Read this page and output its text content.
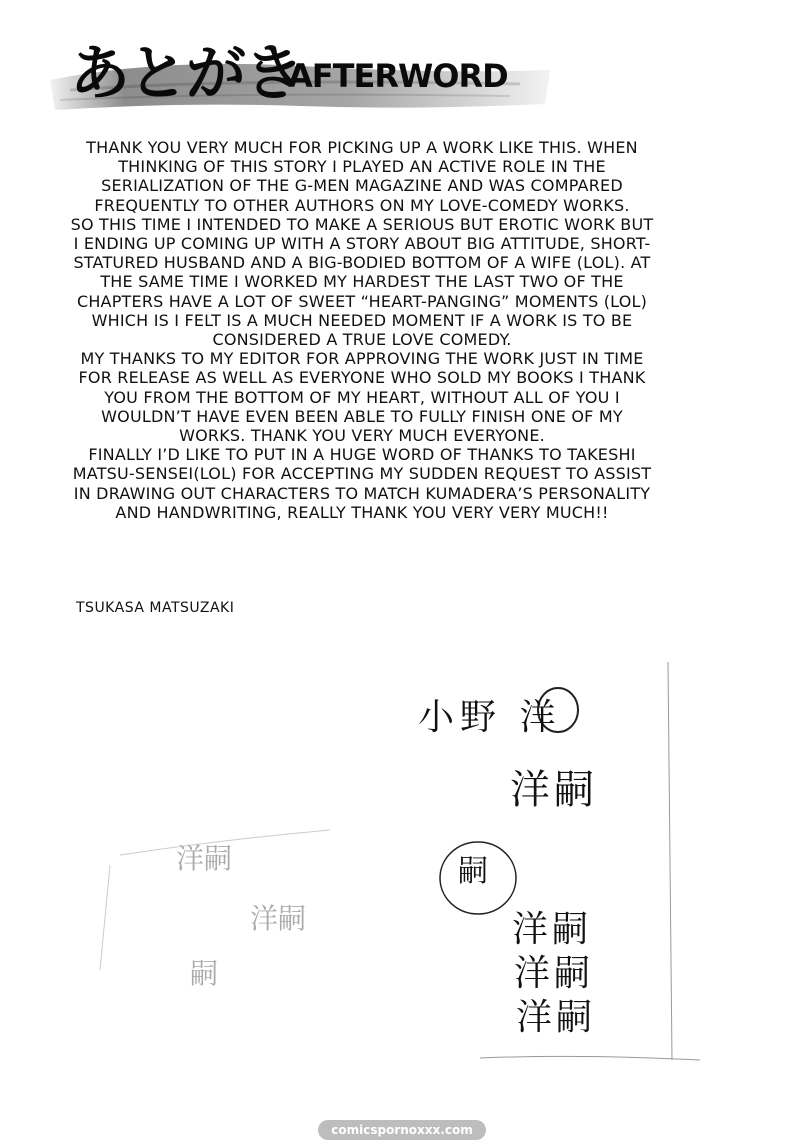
あとがき
AFTERWORD

THANK YOU VERY MUCH FOR PICKING UP A WORK LIKE THIS. WHEN THINKING OF THIS STORY I PLAYED AN ACTIVE ROLE IN THE SERIALIZATION OF THE G-MEN MAGAZINE AND WAS COMPARED FREQUENTLY TO OTHER AUTHORS ON MY LOVE-COMEDY WORKS.

SO THIS TIME I INTENDED TO MAKE A SERIOUS BUT EROTIC WORK BUT I ENDING UP COMING UP WITH A STORY ABOUT BIG ATTITUDE, SHORT-STATURED HUSBAND AND A BIG-BODIED BOTTOM OF A WIFE (LOL). AT THE SAME TIME I WORKED MY HARDEST THE LAST TWO OF THE CHAPTERS HAVE A LOT OF SWEET “HEART-PANGING” MOMENTS (LOL) WHICH IS I FELT IS A MUCH NEEDED MOMENT IF A WORK IS TO BE CONSIDERED A TRUE LOVE COMEDY.

MY THANKS TO MY EDITOR FOR APPROVING THE WORK JUST IN TIME FOR RELEASE AS WELL AS EVERYONE WHO SOLD MY BOOKS I THANK YOU FROM THE BOTTOM OF MY HEART, WITHOUT ALL OF YOU I WOULDN’T HAVE EVEN BEEN ABLE TO FULLY FINISH ONE OF MY WORKS. THANK YOU VERY MUCH EVERYONE.

FINALLY I’D LIKE TO PUT IN A HUGE WORD OF THANKS TO TAKESHI MATSU-SENSEI(LOL) FOR ACCEPTING MY SUDDEN REQUEST TO ASSIST IN DRAWING OUT CHARACTERS TO MATCH KUMADERA’S PERSONALITY AND HANDWRITING, REALLY THANK YOU VERY VERY MUCH!!

TSUKASA MATSUZAKI
小野 洋
洋嗣
嗣
洋嗣
洋嗣
洋嗣
洋嗣
洋嗣
嗣
comicspornoxxx.com
